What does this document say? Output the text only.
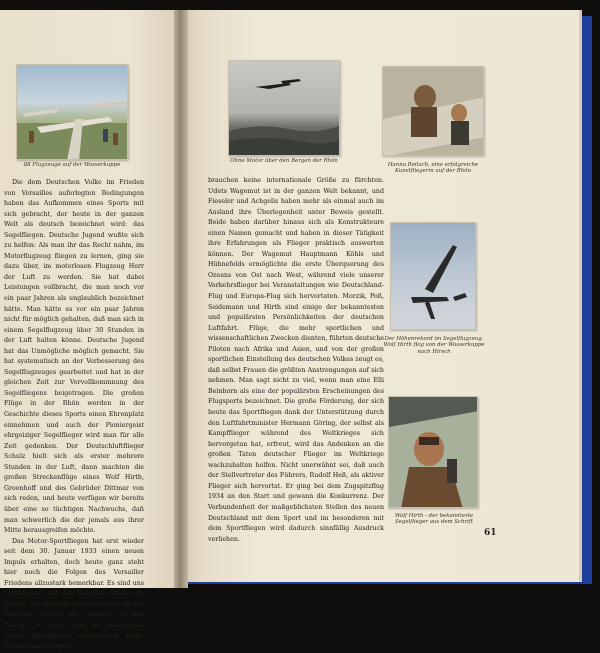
88 Flugzeuge auf der Wasserkuppe

Die dem Deutschen Volke im Frieden von Versailles auferlegten Bedingungen haben das Aufkommen eines Sports mit sich gebracht, der heute in der ganzen Welt als deutsch bezeichnet wird: das Segelfliegen. Deutsche Jugend wußte sich zu helfen: Als man ihr das Recht nahm, im Motorflugzeug fliegen zu lernen, ging sie dazu über, im motorlosen Flugzeug Herr der Luft zu werden. Sie hat dabei Leistungen vollbracht, die man noch vor ein paar Jahren als unglaublich bezeichnet hätte. Man hätte es vor ein paar Jahren nicht für möglich gehalten, daß man sich in einem Segelflugzeug über 30 Stunden in der Luft halten könne. Deutsche Jugend hat das Unmögliche möglich gemacht. Sie hat systematisch an der Verbesserung des Segelflugzeuges gearbeitet und hat in der gleichen Zeit zur Vervollkommnung des Segelfliegens beigetragen. Die großen Flüge in der Rhön werden in der Geschichte dieses Sports einen Ehrenplatz einnehmen und auch der Pioniergeist ehrgeiziger Segelflieger wird man für alle Zeit gedenken. Der Deutschluftflieger Schulz hielt sich als erster mehrere Stunden in der Luft, dann machten die großen Streckenflüge eines Wolf Hirth, Groenhoff und des Gebrüder Dittmar von sich reden, und heute verfügen wir bereits über eine so tüchtigen Nachwuchs, daß man schwerlich die der jemals aus ihrer Mitte herausgreifen möchte.

Das Motor-Sportfliegen hat erst wieder seit dem 30. Januar 1933 einen neuen Impuls erhalten, doch heute ganz steht hier noch die Folgen des Versailler Friedens allzustark bemerkbar. Es sind uns vorbehalten, auf den Gebieten Großes zu leisten, die weniger Anforderungen an die Maschine stellen als vielmehr an den Piloten. So sind denn im besonderen unsere Kunstflieger unermüdlich: Udet, Fieseler und Achgelis

Ohne Motor über den Bergen der Rhön

brauchen keine internationale Größe zu fürchten. Udets Wagemut ist in der ganzen Welt bekannt, und Fieseler und Achgelis haben mehr als einmal auch im Ausland ihre Überlegenheit unter Beweis gestellt. Beide haben darüber hinaus sich als Konstrukteure einen Namen gemacht und haben in dieser Tätigkeit ihre Erfahrungen als Flieger praktisch auswerten können. Der Wagemut Hauptmann Köhls und Hühnefelds ermöglichte die erste Überquerung des Ozeans von Ost nach West, während viele unserer Verkehrsflieger bei Veranstaltungen wie Deutschland-Flug und Europa-Flug sich hervortaten. Morzik, Poß, Seidemann und Hirth sind einige der bekanntesten und populärsten Persönlichkeiten der deutschen Luftfahrt. Flüge, die mehr sportlichen und wissenschaftlichen Zwecken dienten, führten deutsche Piloten nach Afrika und Asien, und von der großen sportlichen Einstellung des deutschen Volkes zeugt es, daß selbst Frauen die größten Anstrengungen auf sich nehmen. Man sagt nicht zu viel, wenn man eine Elli Beinhorn als eine der populärsten Erscheinungen des Flugsports bezeichnet. Die große Förderung, der sich heute das Sportfliegen dank der Unterstützung durch den Luftfahrtminister Hermann Göring, der selbst als Kampfflieger während des Weltkrieges sich hervorgetan hat, erfreut, wird das Andenken an die großen Taten deutscher Flieger im Weltkriege wachzuhalten helfen. Nicht unerwähnt sei, daß auch der Stellvertreter des Führers, Rudolf Heß, als aktiver Flieger sich hervortat. Er ging bei dem Zugspitzflug 1934 an den Start und gewann die Konkurrenz. Der Verbundenheit der maßgeblichsten Stellen des neuen Deutschland mit dem Sport und im besonderen mit dem Sportfliegen wird dadurch sinnfällig Ausdruck verliehen.

Hanna Reitsch, eine erfolgreiche Kunstfliegerin auf der Rhön
Der Höhenrekord im Segelflugzeug. Wolf Hirth flog von der Wasserkuppe nach Hirsch
Wolf Hirth - der bekannteste Segelflieger aus dem Schrift
61
